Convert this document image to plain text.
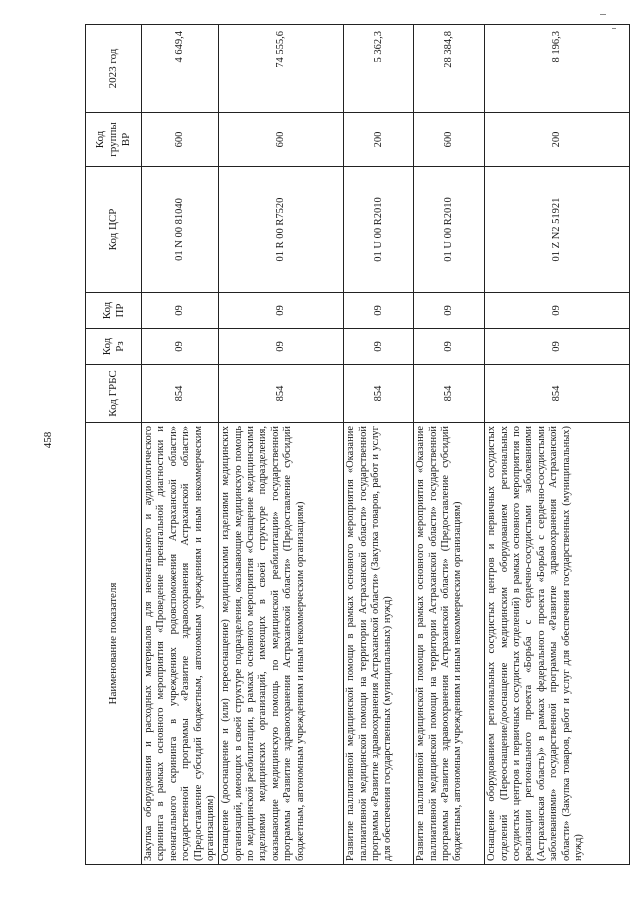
458
Наименование показателя	Код ГРБС	Код Рз	Код ПР	Код ЦСР	Код группы ВР	2023 год
Закупка оборудования и расходных материалов для неонатального и аудиологического скрининга в рамках основного мероприятия «Проведение пренатальной диагностики и неонатального скрининга в учреждениях родовспоможения Астраханской области» государственной программы «Развитие здравоохранения Астраханской области» (Предоставление субсидий бюджетным, автономным учреждениям и иным некоммерческим организациям)	854	09	09	01 N 00 81040	600	4 649,4
Оснащение (дооснащение и (или) переоснащение) медицинскими изделиями медицинских организаций, имеющих в своей структуре подразделения, оказывающие медицинскую помощь по медицинской реабилитации, в рамках основного мероприятия «Оснащение медицинскими изделиями медицинских организаций, имеющих в своей структуре подразделения, оказывающие медицинскую помощь по медицинской реабилитации» государственной программы «Развитие здравоохранения Астраханской области» (Предоставление субсидий бюджетным, автономным учреждениям и иным некоммерческим организациям)	854	09	09	01 R 00 R7520	600	74 555,6
Развитие паллиативной медицинской помощи в рамках основного мероприятия «Оказание паллиативной медицинской помощи на территории Астраханской области» государственной программы «Развитие здравоохранения Астраханской области» (Закупка товаров, работ и услуг для обеспечения государственных (муниципальных) нужд)	854	09	09	01 U 00 R2010	200	5 362,3
Развитие паллиативной медицинской помощи в рамках основного мероприятия «Оказание паллиативной медицинской помощи на территории Астраханской области» государственной программы «Развитие здравоохранения Астраханской области» (Предоставление субсидий бюджетным, автономным учреждениям и иным некоммерческим организациям)	854	09	09	01 U 00 R2010	600	28 384,8
Оснащение оборудованием региональных сосудистых центров и первичных сосудистых отделений (Переоснащение/дооснащение медицинским оборудованием региональных сосудистых центров и первичных сосудистых отделений) в рамках основного мероприятия по реализации регионального проекта «Борьба с сердечно-сосудистыми заболеваниями (Астраханская область)» в рамках федерального проекта «Борьба с сердечно-сосудистыми заболеваниями» государственной программы «Развитие здравоохранения Астраханской области» (Закупка товаров, работ и услуг для обеспечения государственных (муниципальных) нужд)	854	09	09	01 Z N2 51921	200	8 196,3
